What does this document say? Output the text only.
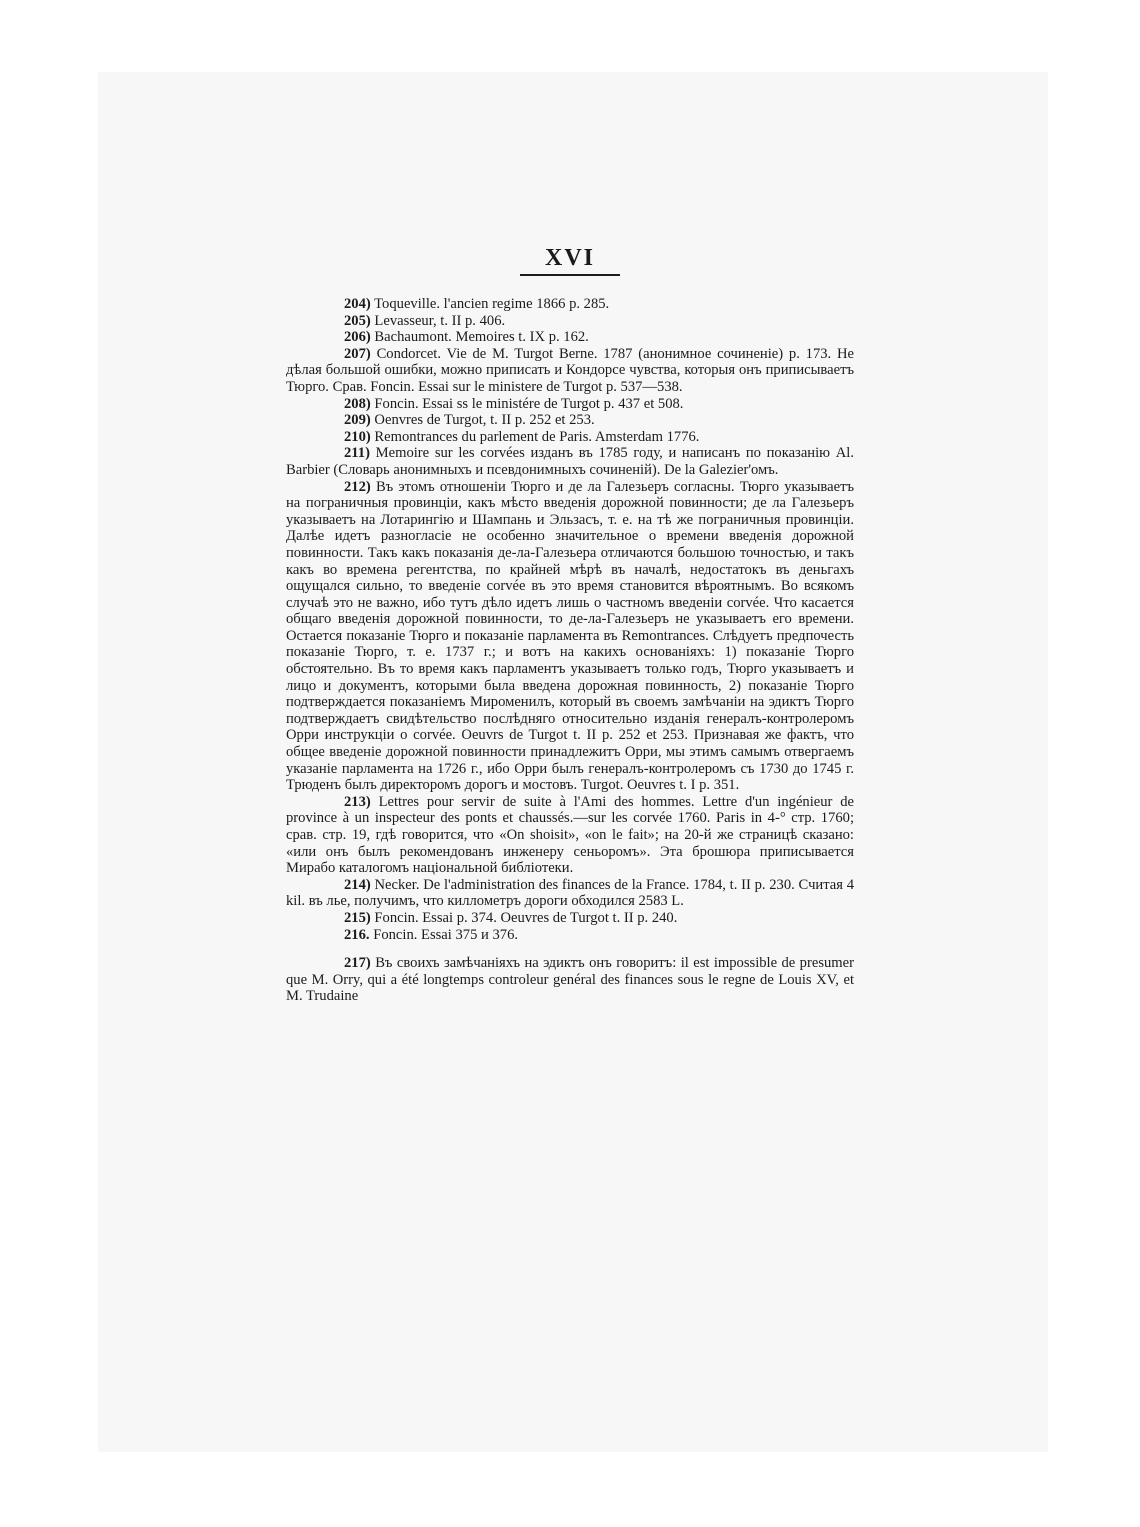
XVI

204) Toqueville. l'ancien regime 1866 p. 285.

205) Levasseur, t. II p. 406.

206) Bachaumont. Memoires t. IX p. 162.

207) Condorcet. Vie de M. Turgot Berne. 1787 (анонимное сочиненіе) p. 173. Не дѣлая большой ошибки, можно приписать и Кондорсе чувства, которыя онъ приписываетъ Тюрго. Срав. Foncin. Essai sur le ministere de Turgot p. 537—538.

208) Foncin. Essai ss le ministére de Turgot p. 437 et 508.

209) Oenvres de Turgot, t. II p. 252 et 253.

210) Remontrances du parlement de Paris. Amsterdam 1776.

211) Memoire sur les corvées изданъ въ 1785 году, и написанъ по показанію Al. Barbier (Словарь анонимныхъ и псевдонимныхъ сочиненій). De la Galezier'омъ.

212) Въ этомъ отношеніи Тюрго и де ла Галезьеръ согласны. Тюрго указываетъ на пограничныя провинціи, какъ мѣсто введенія дорожной повинности; де ла Галезьеръ указываетъ на Лотарингію и Шампань и Эльзасъ, т. е. на тѣ же пограничныя провинціи. Далѣе идетъ разногласіе не особенно значительное о времени введенія дорожной повинности. Такъ какъ показанія де-ла-Галезьера отличаются большою точностью, и такъ какъ во времена регентства, по крайней мѣрѣ въ началѣ, недостатокъ въ деньгахъ ощущался сильно, то введеніе corvée въ это время становится вѣроятнымъ. Во всякомъ случаѣ это не важно, ибо тутъ дѣло идетъ лишь о частномъ введеніи corvée. Что касается общаго введенія дорожной повинности, то де-ла-Галезьеръ не указываетъ его времени. Остается показаніе Тюрго и показаніе парламента въ Remontrances. Слѣдуетъ предпочесть показаніе Тюрго, т. е. 1737 г.; и вотъ на какихъ основаніяхъ: 1) показаніе Тюрго обстоятельно. Въ то время какъ парламентъ указываетъ только годъ, Тюрго указываетъ и лицо и документъ, которыми была введена дорожная повинность, 2) показаніе Тюрго подтверждается показаніемъ Мироменилъ, который въ своемъ замѣчаніи на эдиктъ Тюрго подтверждаетъ свидѣтельство послѣдняго относительно изданія генералъ-контролеромъ Орри инструкціи о corvée. Oeuvrs de Turgot t. II p. 252 et 253. Признавая же фактъ, что общее введеніе дорожной повинности принадлежитъ Орри, мы этимъ самымъ отвергаемъ указаніе парламента на 1726 г., ибо Орри былъ генералъ-контролеромъ съ 1730 до 1745 г. Трюденъ былъ директоромъ дорогъ и мостовъ. Turgot. Oeuvres t. I p. 351.

213) Lettres pour servir de suite à l'Ami des hommes. Lettre d'un ingénieur de province à un inspecteur des ponts et chaussés.—sur les corvée 1760. Paris in 4-° стр. 1760; срав. стр. 19, гдѣ говорится, что «On shoisit», «on le fait»; на 20-й же страницѣ сказано: «или онъ былъ рекомендованъ инженеру сеньоромъ». Эта брошюра приписывается Мирабо каталогомъ національной библіотеки.

214) Necker. De l'administration des finances de la France. 1784, t. II p. 230. Считая 4 kil. въ лье, получимъ, что киллометръ дороги обходился 2583 L.

215) Foncin. Essai p. 374. Oeuvres de Turgot t. II p. 240.

216. Foncin. Essai 375 и 376.

217) Въ своихъ замѣчаніяхъ на эдиктъ онъ говоритъ: il est impossible de presumer que M. Orry, qui a été longtemps controleur genéral des finances sous le regne de Louis XV, et M. Trudaine
